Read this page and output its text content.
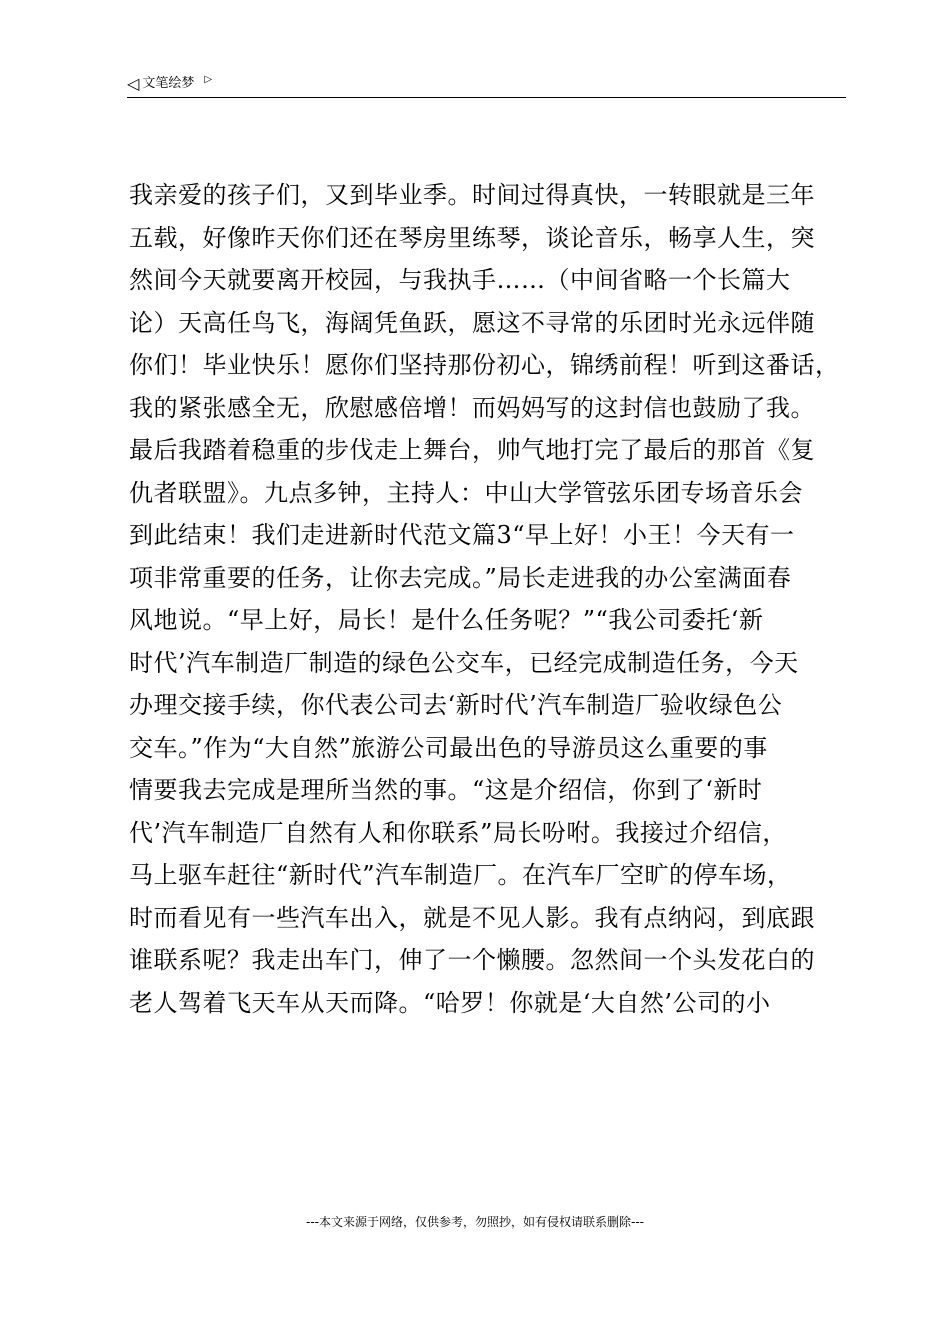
◁ 文笔绘梦 ▷
我亲爱的孩子们，又到毕业季。时间过得真快，一转眼就是三年
五载，好像昨天你们还在琴房里练琴，谈论音乐，畅享人生，突
然间今天就要离开校园，与我执手……（中间省略一个长篇大
论）天高任鸟飞，海阔凭鱼跃，愿这不寻常的乐团时光永远伴随
你们！毕业快乐！愿你们坚持那份初心，锦绣前程！听到这番话，
我的紧张感全无，欣慰感倍增！而妈妈写的这封信也鼓励了我。
最后我踏着稳重的步伐走上舞台，帅气地打完了最后的那首《复
仇者联盟》。九点多钟，主持人：中山大学管弦乐团专场音乐会
到此结束！我们走进新时代范文篇3“早上好！小王！今天有一
项非常重要的任务，让你去完成。”局长走进我的办公室满面春
风地说。“早上好，局长！是什么任务呢？”“我公司委托‘新
时代’汽车制造厂制造的绿色公交车，已经完成制造任务，今天
办理交接手续，你代表公司去‘新时代’汽车制造厂验收绿色公
交车。”作为“大自然”旅游公司最出色的导游员这么重要的事
情要我去完成是理所当然的事。“这是介绍信，你到了‘新时
代’汽车制造厂自然有人和你联系”局长吩咐。我接过介绍信，
马上驱车赶往“新时代”汽车制造厂。在汽车厂空旷的停车场，
时而看见有一些汽车出入，就是不见人影。我有点纳闷，到底跟
谁联系呢？我走出车门，伸了一个懒腰。忽然间一个头发花白的
老人驾着飞天车从天而降。“哈罗！你就是‘大自然’公司的小
---本文来源于网络，仅供参考，勿照抄，如有侵权请联系删除---
